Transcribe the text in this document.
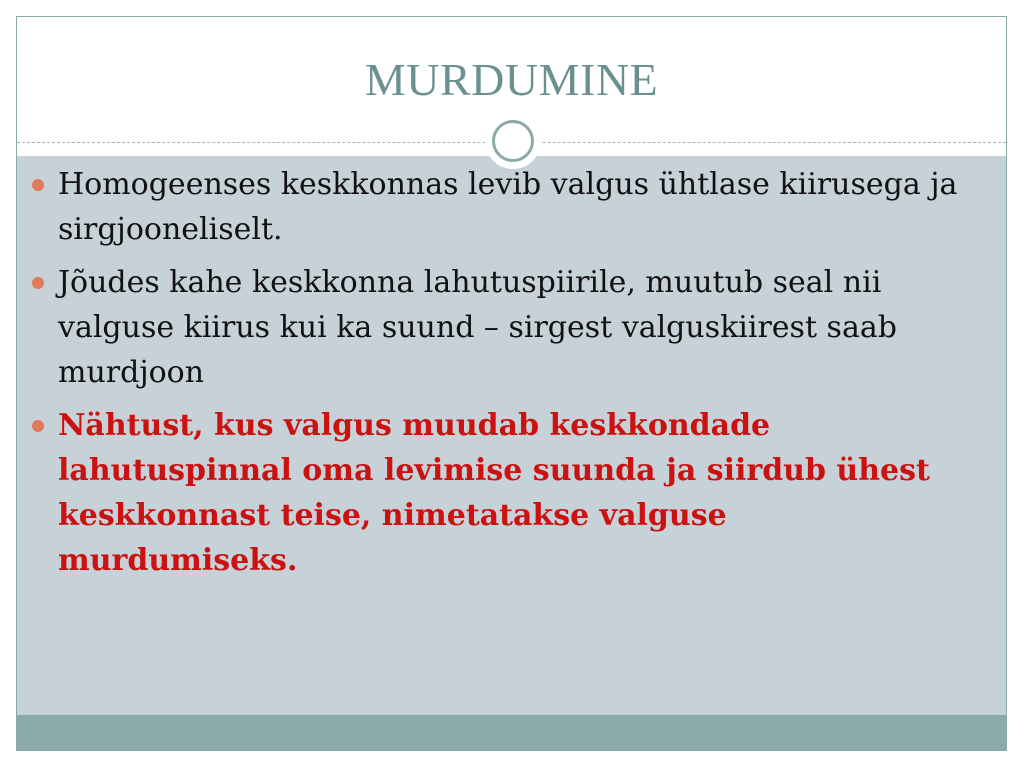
MURDUMINE
Homogeenses keskkonnas levib valgus ühtlase kiirusega ja sirgjooneliselt.
Jõudes kahe keskkonna lahutuspiirile, muutub seal nii valguse kiirus kui ka suund – sirgest valguskiirest saab murdjoon
Nähtust, kus valgus muudab keskkondade lahutuspinnal oma levimise suunda ja siirdub ühest keskkonnast teise, nimetatakse valguse murdumiseks.
